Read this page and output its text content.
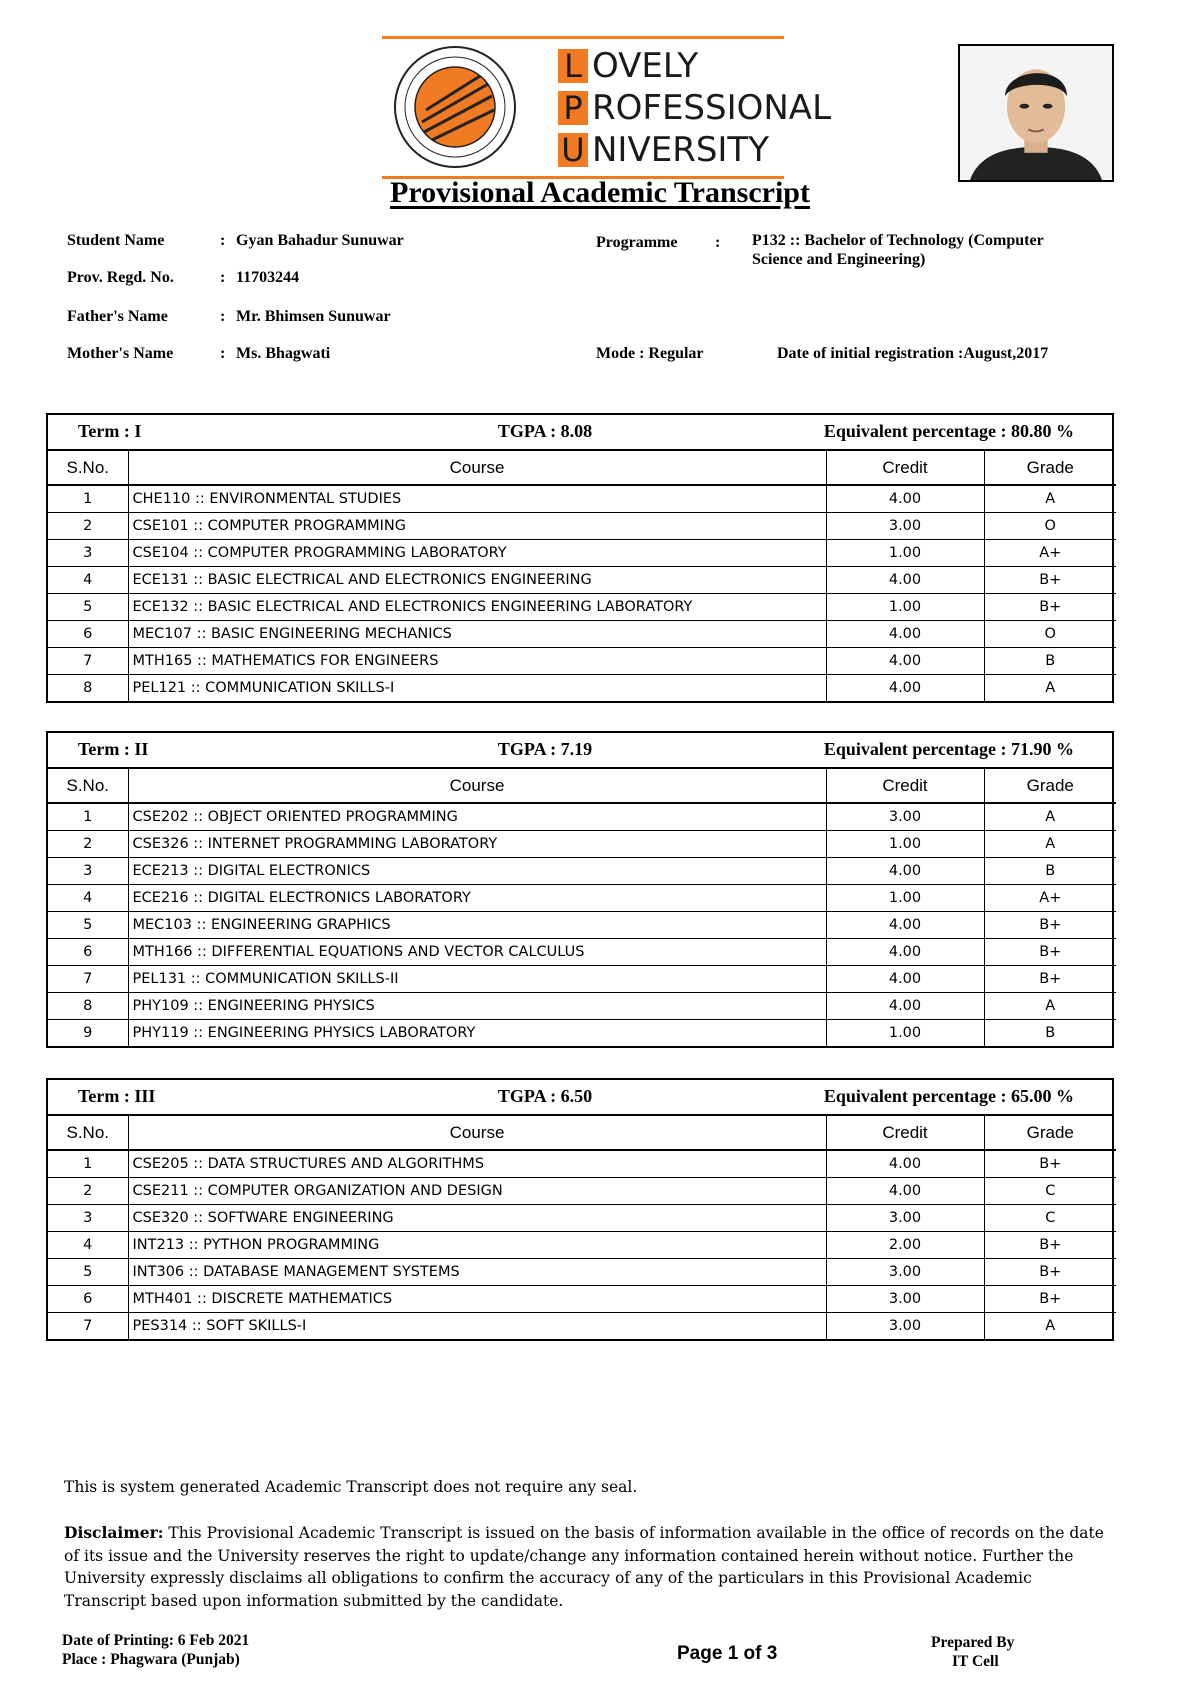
L OVELY
P ROFESSIONAL
U NIVERSITY
Provisional Academic Transcript
Student Name	: Gyan Bahadur Sunuwar
Prov. Regd. No.	: 11703244
Father's Name	: Mr. Bhimsen Sunuwar
Mother's Name	: Ms. Bhagwati
Programme : P132 :: Bachelor of Technology (Computer
Science and Engineering)
Mode : Regular	Date of initial registration :August,2017
Term : I	TGPA : 8.08	Equivalent percentage : 80.80 %
S.No.	Course	Credit	Grade
1	CHE110 :: ENVIRONMENTAL STUDIES	4.00	A
2	CSE101 :: COMPUTER PROGRAMMING	3.00	O
3	CSE104 :: COMPUTER PROGRAMMING LABORATORY	1.00	A+
4	ECE131 :: BASIC ELECTRICAL AND ELECTRONICS ENGINEERING	4.00	B+
5	ECE132 :: BASIC ELECTRICAL AND ELECTRONICS ENGINEERING LABORATORY	1.00	B+
6	MEC107 :: BASIC ENGINEERING MECHANICS	4.00	O
7	MTH165 :: MATHEMATICS FOR ENGINEERS	4.00	B
8	PEL121 :: COMMUNICATION SKILLS-I	4.00	A
Term : II	TGPA : 7.19	Equivalent percentage : 71.90 %
S.No.	Course	Credit	Grade
1	CSE202 :: OBJECT ORIENTED PROGRAMMING	3.00	A
2	CSE326 :: INTERNET PROGRAMMING LABORATORY	1.00	A
3	ECE213 :: DIGITAL ELECTRONICS	4.00	B
4	ECE216 :: DIGITAL ELECTRONICS LABORATORY	1.00	A+
5	MEC103 :: ENGINEERING GRAPHICS	4.00	B+
6	MTH166 :: DIFFERENTIAL EQUATIONS AND VECTOR CALCULUS	4.00	B+
7	PEL131 :: COMMUNICATION SKILLS-II	4.00	B+
8	PHY109 :: ENGINEERING PHYSICS	4.00	A
9	PHY119 :: ENGINEERING PHYSICS LABORATORY	1.00	B
Term : III	TGPA : 6.50	Equivalent percentage : 65.00 %
S.No.	Course	Credit	Grade
1	CSE205 :: DATA STRUCTURES AND ALGORITHMS	4.00	B+
2	CSE211 :: COMPUTER ORGANIZATION AND DESIGN	4.00	C
3	CSE320 :: SOFTWARE ENGINEERING	3.00	C
4	INT213 :: PYTHON PROGRAMMING	2.00	B+
5	INT306 :: DATABASE MANAGEMENT SYSTEMS	3.00	B+
6	MTH401 :: DISCRETE MATHEMATICS	3.00	B+
7	PES314 :: SOFT SKILLS-I	3.00	A
This is system generated Academic Transcript does not require any seal.
Disclaimer: This Provisional Academic Transcript is issued on the basis of information available in the office of records on the date of its issue and the University reserves the right to update/change any information contained herein without notice. Further the University expressly disclaims all obligations to confirm the accuracy of any of the particulars in this Provisional Academic Transcript based upon information submitted by the candidate.
Date of Printing: 6 Feb 2021
Place : Phagwara (Punjab)	Page 1 of 3
Prepared By
IT Cell
